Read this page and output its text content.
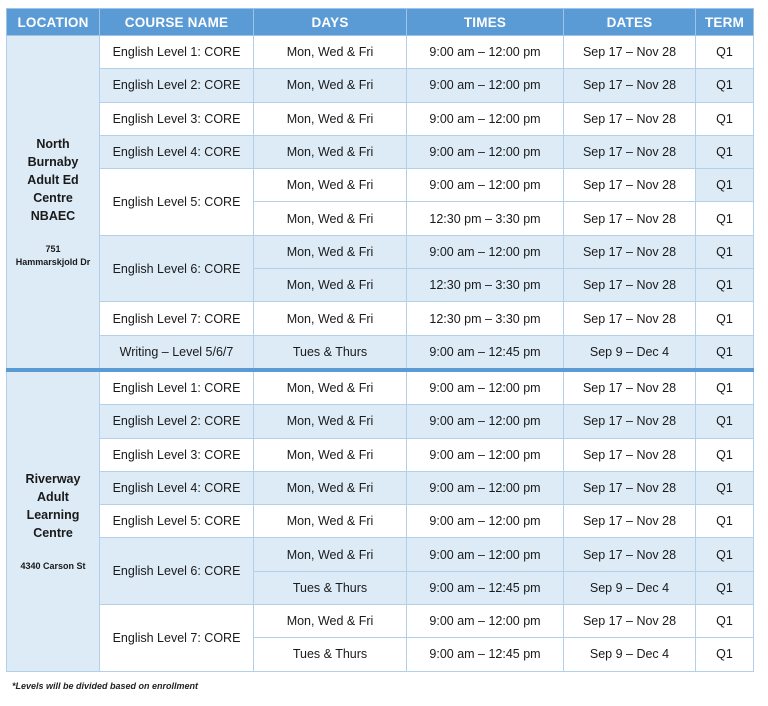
LOCATION	COURSE NAME	DAYS	TIMES	DATES	TERM

North
Burnaby
Adult Ed
Centre
NBAEC
751
Hammarskjold Dr
	English Level 1: CORE	Mon, Wed & Fri	9:00 am – 12:00 pm	Sep 17 – Nov 28	Q1
	English Level 2: CORE	Mon, Wed & Fri	9:00 am – 12:00 pm	Sep 17 – Nov 28	Q1
	English Level 3: CORE	Mon, Wed & Fri	9:00 am – 12:00 pm	Sep 17 – Nov 28	Q1
	English Level 4: CORE	Mon, Wed & Fri	9:00 am – 12:00 pm	Sep 17 – Nov 28	Q1
	English Level 5: CORE	Mon, Wed & Fri	9:00 am – 12:00 pm	Sep 17 – Nov 28	Q1
		Mon, Wed & Fri	12:30 pm – 3:30 pm	Sep 17 – Nov 28	Q1
	English Level 6: CORE	Mon, Wed & Fri	9:00 am – 12:00 pm	Sep 17 – Nov 28	Q1
		Mon, Wed & Fri	12:30 pm – 3:30 pm	Sep 17 – Nov 28	Q1
	English Level 7: CORE	Mon, Wed & Fri	12:30 pm – 3:30 pm	Sep 17 – Nov 28	Q1
	Writing – Level 5/6/7	Tues & Thurs	9:00 am – 12:45 pm	Sep 9 – Dec 4	Q1

Riverway
Adult
Learning
Centre
4340 Carson St	English Level 1: CORE	Mon, Wed & Fri	9:00 am – 12:00 pm	Sep 17 – Nov 28	Q1
	English Level 2: CORE	Mon, Wed & Fri	9:00 am – 12:00 pm	Sep 17 – Nov 28	Q1
	English Level 3: CORE	Mon, Wed & Fri	9:00 am – 12:00 pm	Sep 17 – Nov 28	Q1
	English Level 4: CORE	Mon, Wed & Fri	9:00 am – 12:00 pm	Sep 17 – Nov 28	Q1
	English Level 5: CORE	Mon, Wed & Fri	9:00 am – 12:00 pm	Sep 17 – Nov 28	Q1
	English Level 6: CORE	Mon, Wed & Fri	9:00 am – 12:00 pm	Sep 17 – Nov 28	Q1
		Tues & Thurs	9:00 am – 12:45 pm	Sep 9 – Dec 4	Q1
	English Level 7: CORE	Mon, Wed & Fri	9:00 am – 12:00 pm	Sep 17 – Nov 28	Q1
		Tues & Thurs	9:00 am – 12:45 pm	Sep 9 – Dec 4	Q1
*Levels will be divided based on enrollment
